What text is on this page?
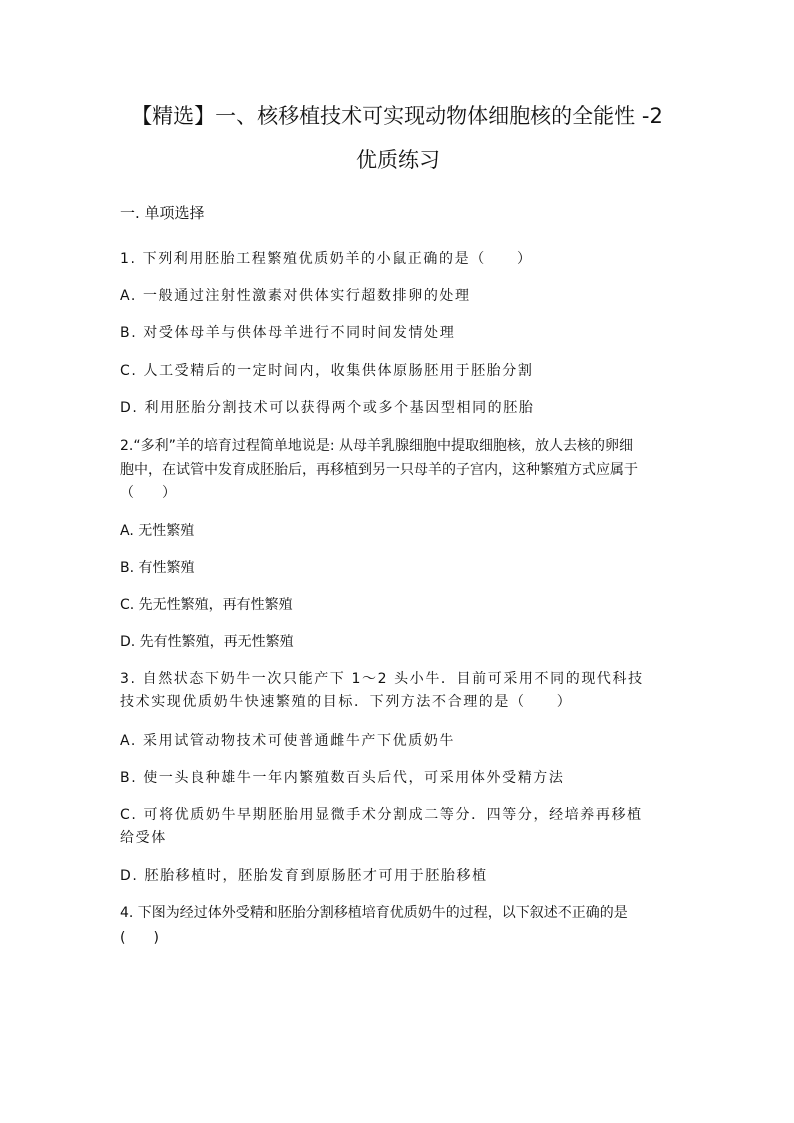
【精选】一、核移植技术可实现动物体细胞核的全能性 -2
优质练习
一. 单项选择

1. 下列利用胚胎工程繁殖优质奶羊的小鼠正确的是（　　）

A. 一般通过注射性激素对供体实行超数排卵的处理

B. 对受体母羊与供体母羊进行不同时间发情处理

C. 人工受精后的一定时间内，收集供体原肠胚用于胚胎分割

D. 利用胚胎分割技术可以获得两个或多个基因型相同的胚胎

2.“多利”羊的培育过程简单地说是: 从母羊乳腺细胞中提取细胞核，放人去核的卵细

胞中，在试管中发育成胚胎后，再移植到另一只母羊的子宫内，这种繁殖方式应属于

（　　）

A. 无性繁殖

B. 有性繁殖

C. 先无性繁殖，再有性繁殖

D. 先有性繁殖，再无性繁殖

3. 自然状态下奶牛一次只能产下 1～2 头小牛．目前可采用不同的现代科技

技术实现优质奶牛快速繁殖的目标．下列方法不合理的是（　　）

A. 采用试管动物技术可使普通雌牛产下优质奶牛

B. 使一头良种雄牛一年内繁殖数百头后代，可采用体外受精方法

C. 可将优质奶牛早期胚胎用显微手术分割成二等分．四等分，经培养再移植

给受体

D. 胚胎移植时，胚胎发育到原肠胚才可用于胚胎移植

4. 下图为经过体外受精和胚胎分割移植培育优质奶牛的过程，以下叙述不正确的是

(　　)
